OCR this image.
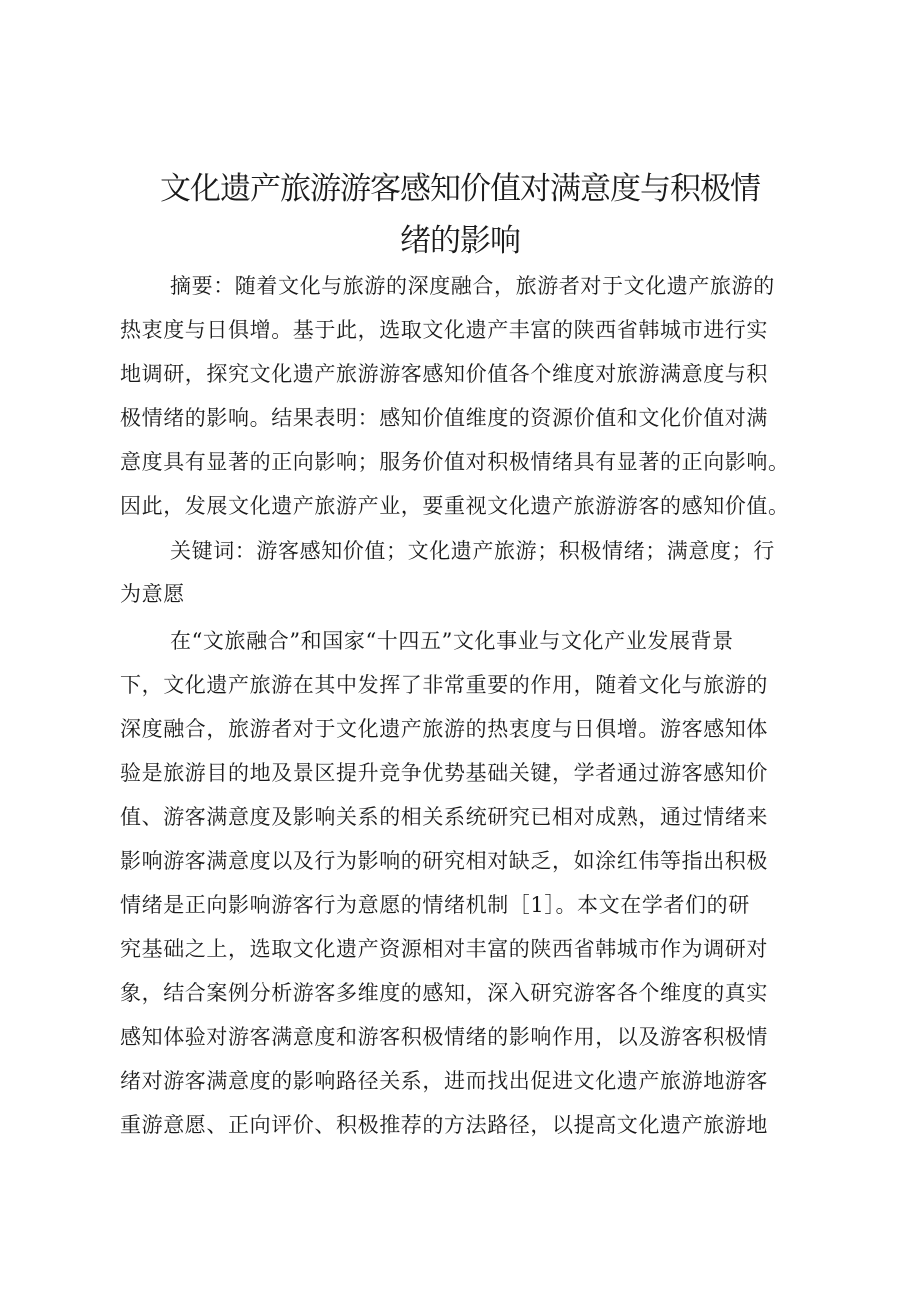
文化遗产旅游游客感知价值对满意度与积极情
绪的影响

摘要：随着文化与旅游的深度融合，旅游者对于文化遗产旅游的

热衷度与日俱增。基于此，选取文化遗产丰富的陕西省韩城市进行实

地调研，探究文化遗产旅游游客感知价值各个维度对旅游满意度与积

极情绪的影响。结果表明：感知价值维度的资源价值和文化价值对满

意度具有显著的正向影响；服务价值对积极情绪具有显著的正向影响。

因此，发展文化遗产旅游产业，要重视文化遗产旅游游客的感知价值。

关键词：游客感知价值；文化遗产旅游；积极情绪；满意度；行

为意愿

在“文旅融合”和国家“十四五”文化事业与文化产业发展背景

下，文化遗产旅游在其中发挥了非常重要的作用，随着文化与旅游的

深度融合，旅游者对于文化遗产旅游的热衷度与日俱增。游客感知体

验是旅游目的地及景区提升竞争优势基础关键，学者通过游客感知价

值、游客满意度及影响关系的相关系统研究已相对成熟，通过情绪来

影响游客满意度以及行为影响的研究相对缺乏，如涂红伟等指出积极

情绪是正向影响游客行为意愿的情绪机制［1］。本文在学者们的研

究基础之上，选取文化遗产资源相对丰富的陕西省韩城市作为调研对

象，结合案例分析游客多维度的感知，深入研究游客各个维度的真实

感知体验对游客满意度和游客积极情绪的影响作用，以及游客积极情

绪对游客满意度的影响路径关系，进而找出促进文化遗产旅游地游客

重游意愿、正向评价、积极推荐的方法路径，以提高文化遗产旅游地
